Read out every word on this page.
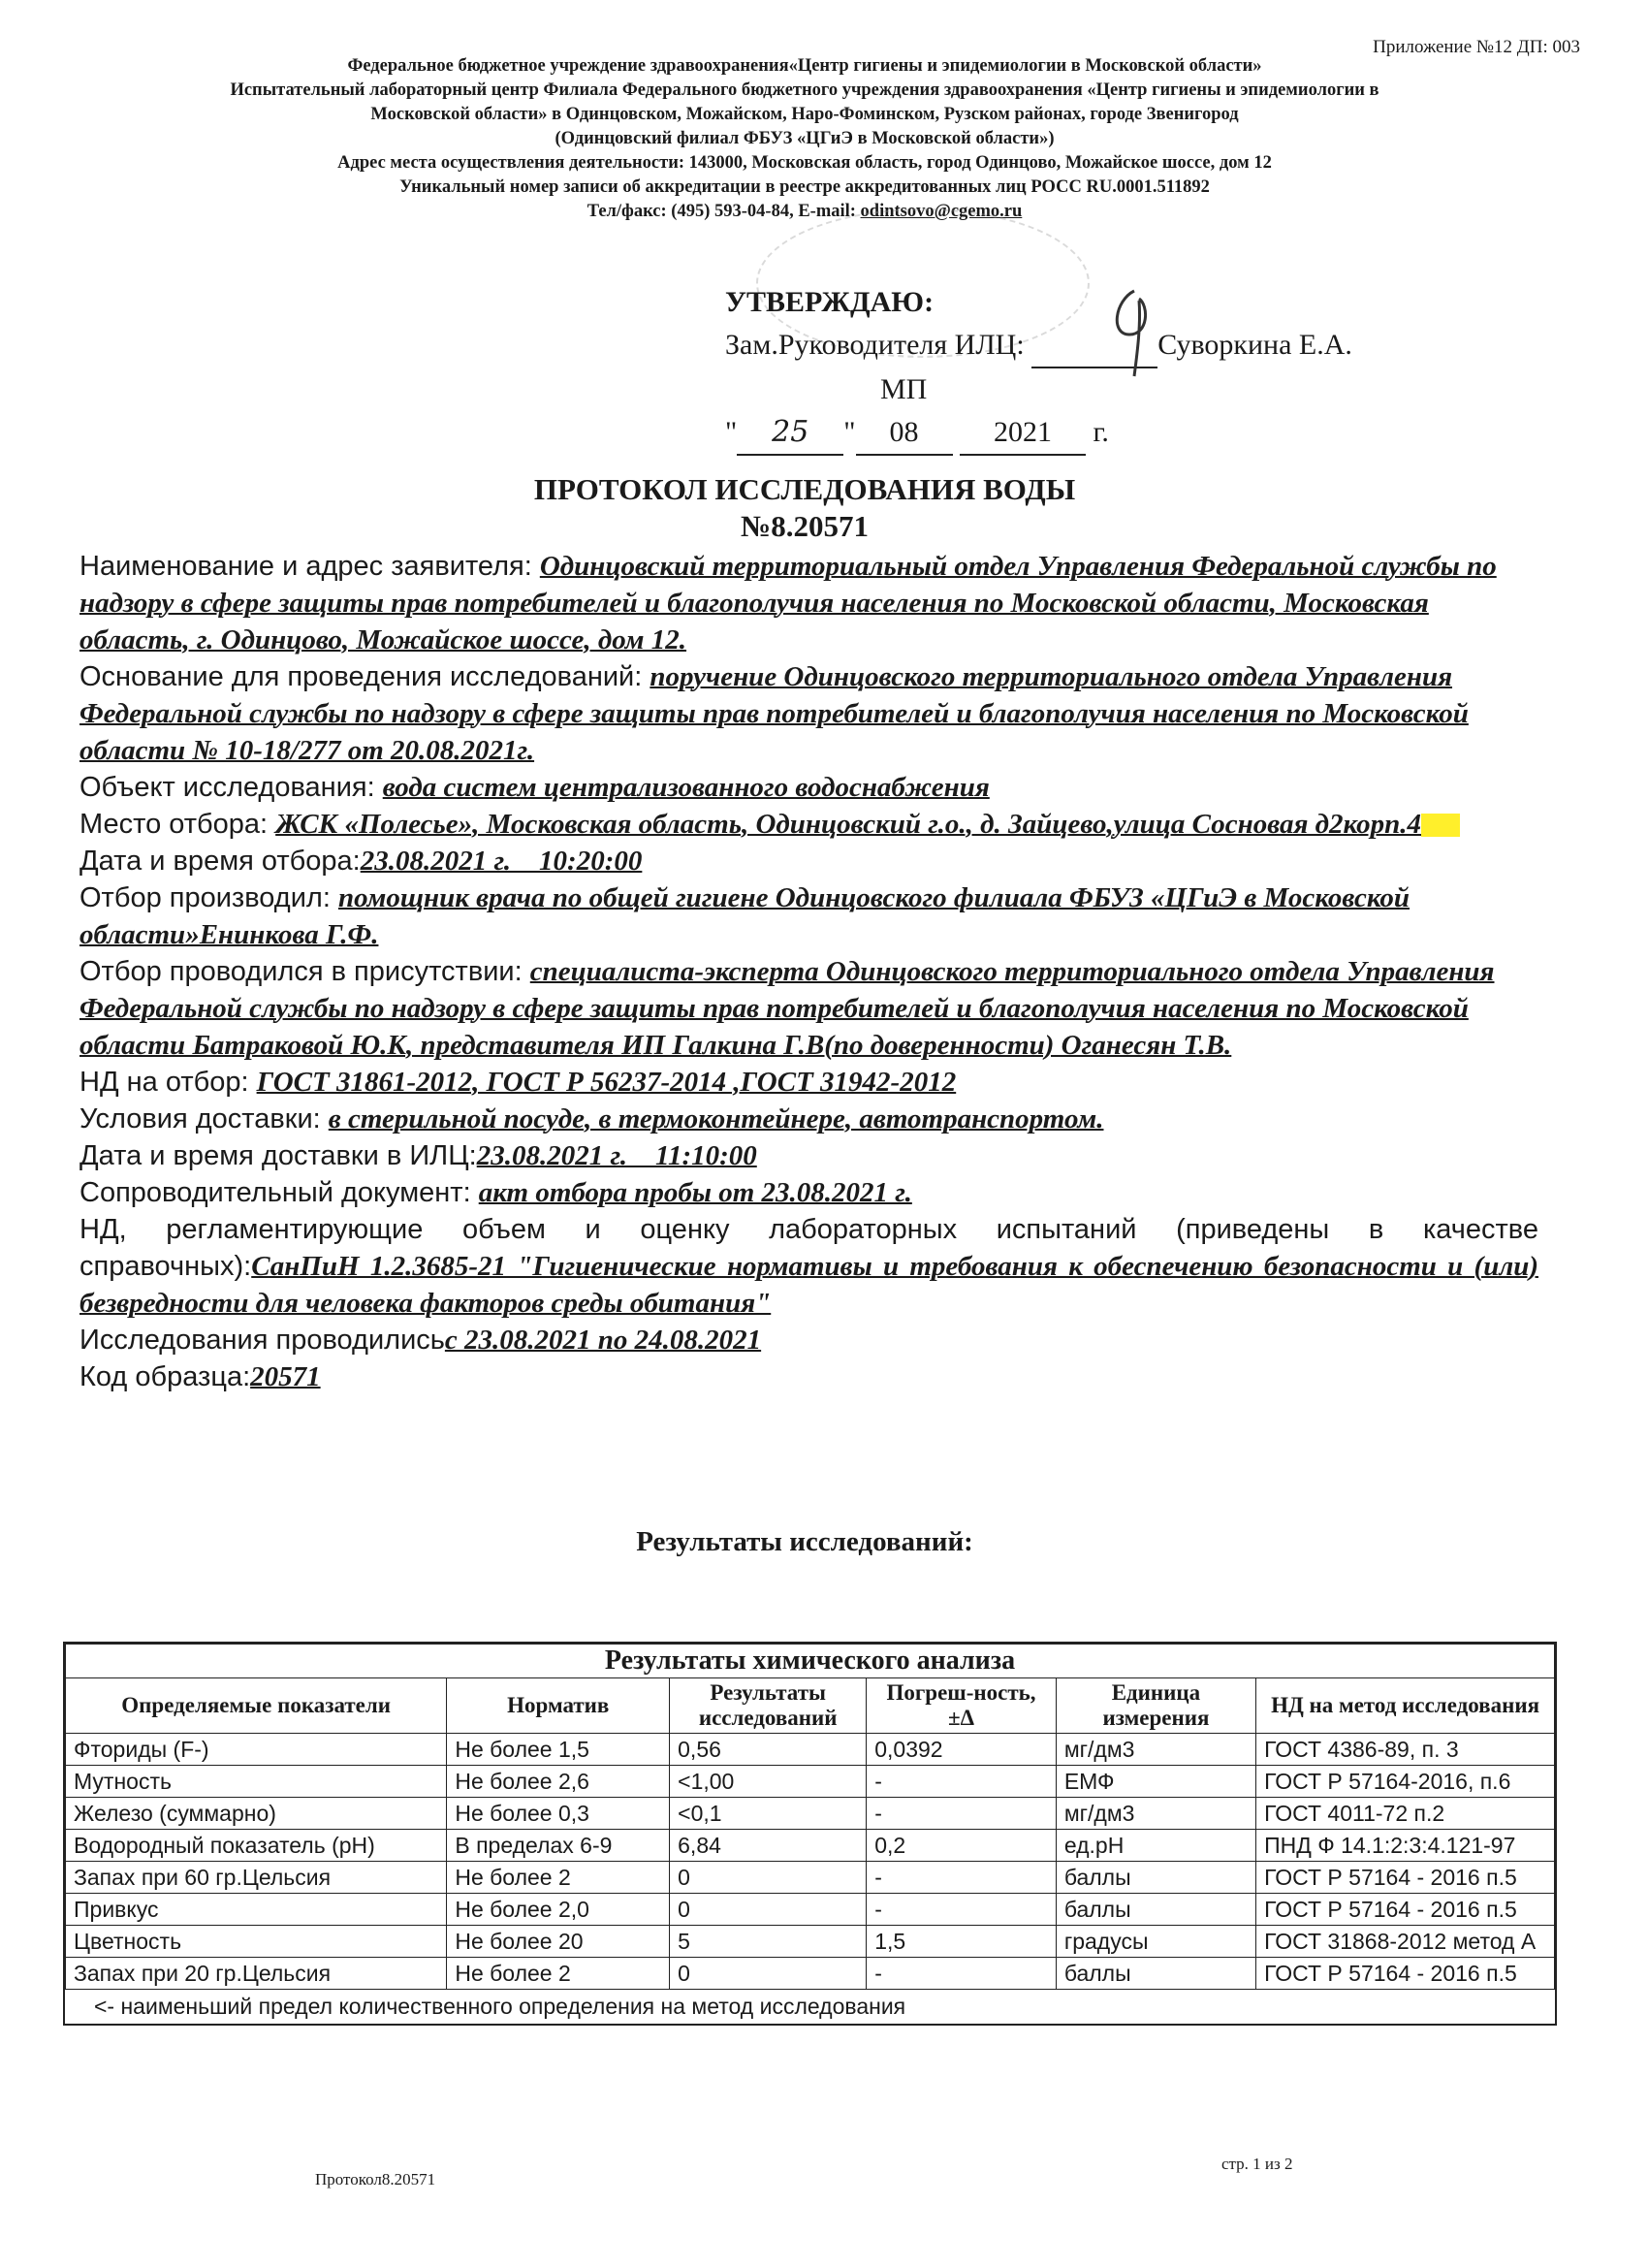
Приложение №12 ДП: 003
Федеральное бюджетное учреждение здравоохранения«Центр гигиены и эпидемиологии в Московской области»
Испытательный лабораторный центр Филиала Федерального бюджетного учреждения здравоохранения «Центр гигиены и эпидемиологии в
Московской области» в Одинцовском, Можайском, Наро-Фоминском, Рузском районах, городе Звенигород
(Одинцовский филиал ФБУЗ «ЦГиЭ в Московской области»)
Адрес места осуществления деятельности: 143000, Московская область, город Одинцово, Можайское шоссе, дом 12
Уникальный номер записи об аккредитации в реестре аккредитованных лиц РОСС RU.0001.511892
Тел/факс: (495) 593-04-84, E-mail: odintsovo@cgemo.ru
УТВЕРЖДАЮ:
Зам.Руководителя ИЛЦ:	Суворкина Е.А.
МП
" 25 " 08	2021 г.
ПРОТОКОЛ ИССЛЕДОВАНИЯ ВОДЫ
№8.20571

Наименование и адрес заявителя: Одинцовский территориальный отдел Управления Федеральной службы по надзору в сфере защиты прав потребителей и благополучия населения по Московской области, Московская область, г. Одинцово, Можайское шоссе, дом 12.

Основание для проведения исследований: поручение Одинцовского территориального отдела Управления Федеральной службы по надзору в сфере защиты прав потребителей и благополучия населения по Московской области № 10-18/277 от 20.08.2021г.

Объект исследования: вода систем централизованного водоснабжения

Место отбора: ЖСК «Полесье», Московская область, Одинцовский г.о., д. Зайцево,улица Сосновая д2корп.4

Дата и время отбора:23.08.2021 г.    10:20:00

Отбор производил: помощник врача по общей гигиене Одинцовского филиала ФБУЗ «ЦГиЭ в Московской области»Енинкова Г.Ф.

Отбор проводился в присутствии: специалиста-эксперта Одинцовского территориального отдела Управления Федеральной службы по надзору в сфере защиты прав потребителей и благополучия населения по Московской области Батраковой Ю.К, представителя ИП Галкина Г.В(по доверенности) Оганесян Т.В.

НД на отбор: ГОСТ 31861-2012, ГОСТ Р 56237-2014 ,ГОСТ 31942-2012

Условия доставки: в стерильной посуде, в термоконтейнере, автотранспортом.

Дата и время доставки в ИЛЦ:23.08.2021 г.    11:10:00

Сопроводительный документ: акт отбора пробы от 23.08.2021 г.

НД, регламентирующие объем и оценку лабораторных испытаний (приведены в качестве справочных):СанПиН 1.2.3685-21 "Гигиенические нормативы и требования к обеспечению безопасности и (или) безвредности для человека факторов среды обитания"

Исследования проводилисьс 23.08.2021 по 24.08.2021

Код образца:20571

Результаты исследований:
Результаты химического анализа					
Определяемые показатели	Норматив	Результаты исследований	Погреш-ность, ±Δ	Единица измерения	НД на метод исследования
Фториды (F-)	Не более 1,5	0,56	0,0392	мг/дм3	ГОСТ 4386-89, п. 3
Мутность	Не более 2,6	<1,00	-	ЕМФ	ГОСТ Р 57164-2016, п.6
Железо (суммарно)	Не более 0,3	<0,1	-	мг/дм3	ГОСТ 4011-72 п.2
Водородный показатель (pH)	В пределах 6-9	6,84	0,2	ед.pH	ПНД Ф 14.1:2:3:4.121-97
Запах при 60 гр.Цельсия	Не более 2	0	-	баллы	ГОСТ Р 57164 - 2016 п.5
Привкус	Не более 2,0	0	-	баллы	ГОСТ Р 57164 - 2016 п.5
Цветность	Не более 20	5	1,5	градусы	ГОСТ 31868-2012 метод А
Запах при 20 гр.Цельсия	Не более 2	0	-	баллы	ГОСТ Р 57164 - 2016 п.5
<- наименьший предел количественного определения на метод исследования
Протокол8.20571
стр. 1 из 2
